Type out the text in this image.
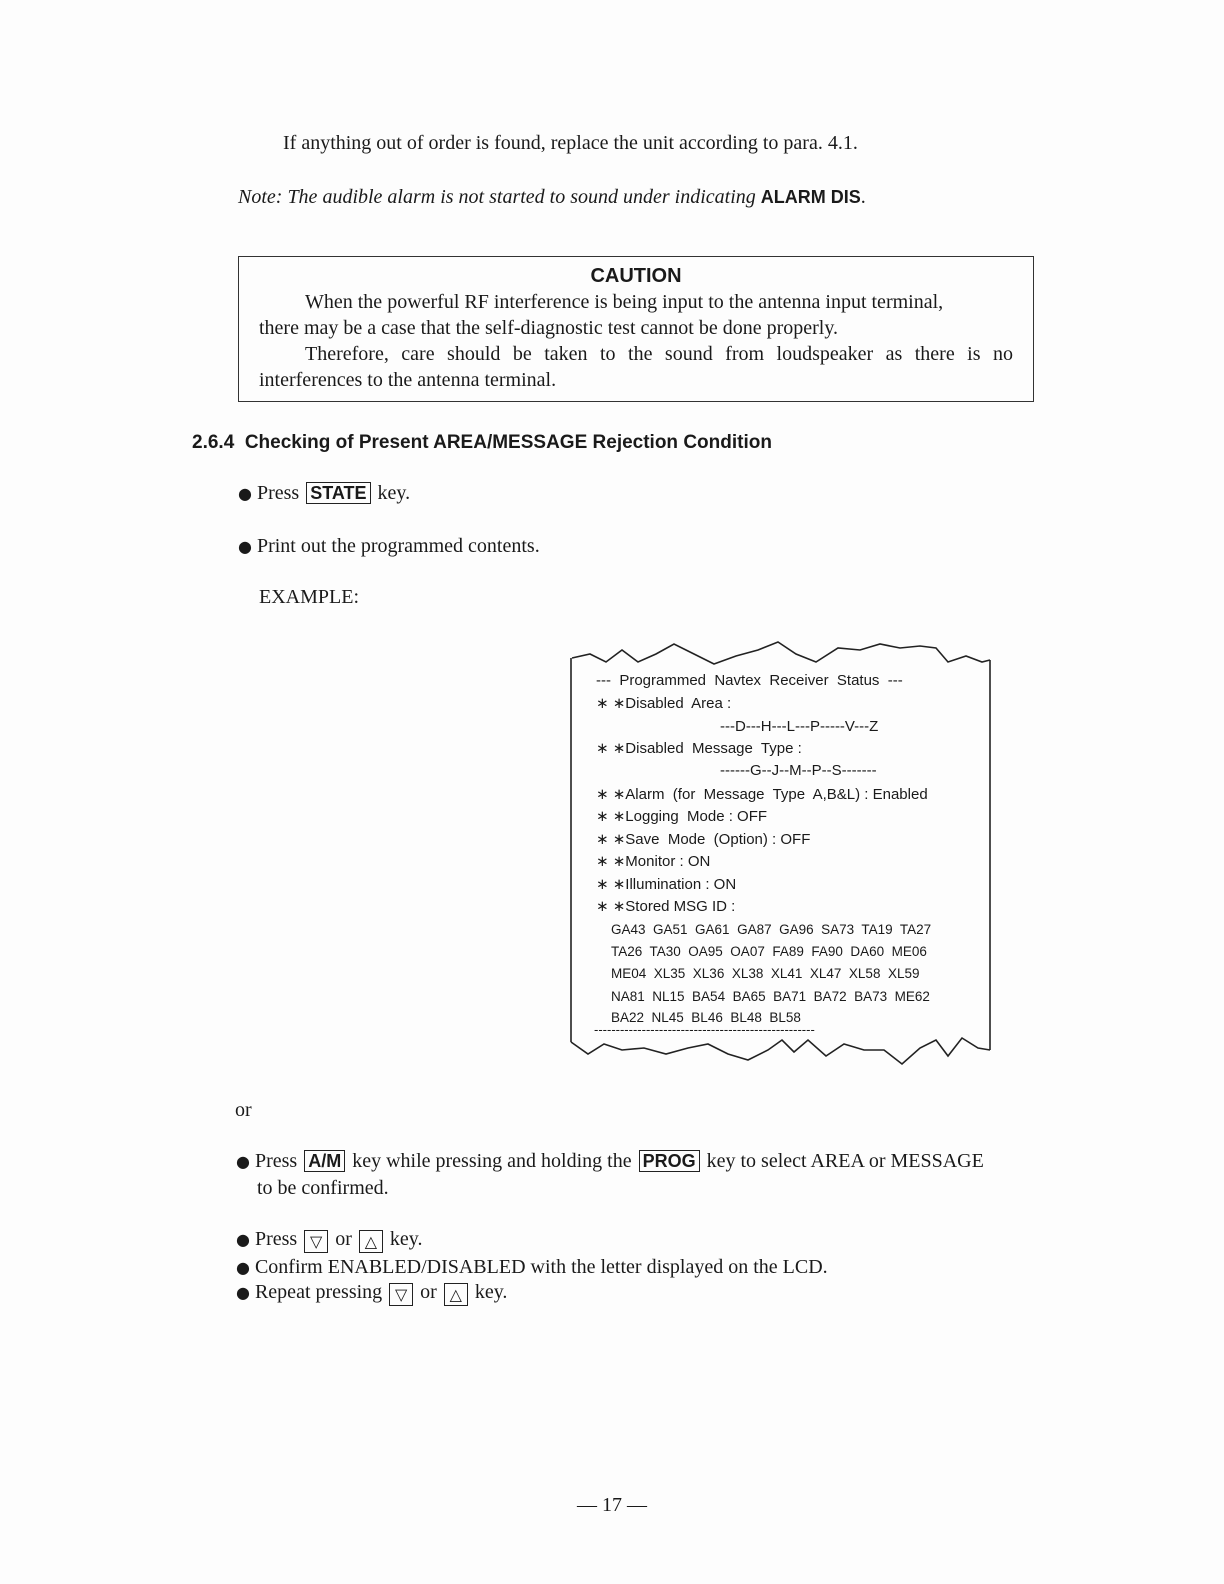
If anything out of order is found, replace the unit according to para. 4.1.
Note: The audible alarm is not started to sound under indicating ALARM DIS.
CAUTION
When the powerful RF interference is being input to the antenna input terminal,
there may be a case that the self-diagnostic test cannot be done properly.
Therefore, care should be taken to the sound from loudspeaker as there is no
interferences to the antenna terminal.
2.6.4 Checking of Present AREA/MESSAGE Rejection Condition
● Press STATE key.
● Print out the programmed contents.
EXAMPLE:
---  Programmed  Navtex  Receiver  Status  ---
∗ ∗Disabled  Area :
---D---H---L---P-----V---Z
∗ ∗Disabled  Message  Type :
------G--J--M--P--S-------
∗ ∗Alarm  (for  Message  Type  A,B&L) : Enabled
∗ ∗Logging  Mode : OFF
∗ ∗Save  Mode  (Option) : OFF
∗ ∗Monitor : ON
∗ ∗Illumination : ON
∗ ∗Stored MSG ID :
GA43  GA51  GA61  GA87  GA96  SA73  TA19  TA27
TA26  TA30  OA95  OA07  FA89  FA90  DA60  ME06
ME04  XL35  XL36  XL38  XL41  XL47  XL58  XL59
NA81  NL15  BA54  BA65  BA71  BA72  BA73  ME62
BA22  NL45  BL46  BL48  BL58
---------------------------------------------------
or
● Press A/M key while pressing and holding the PROG key to select AREA or MESSAGE
to be confirmed.
● Press ▽ or △ key.
● Confirm ENABLED/DISABLED with the letter displayed on the LCD.
● Repeat pressing ▽ or △ key.
— 17 —
